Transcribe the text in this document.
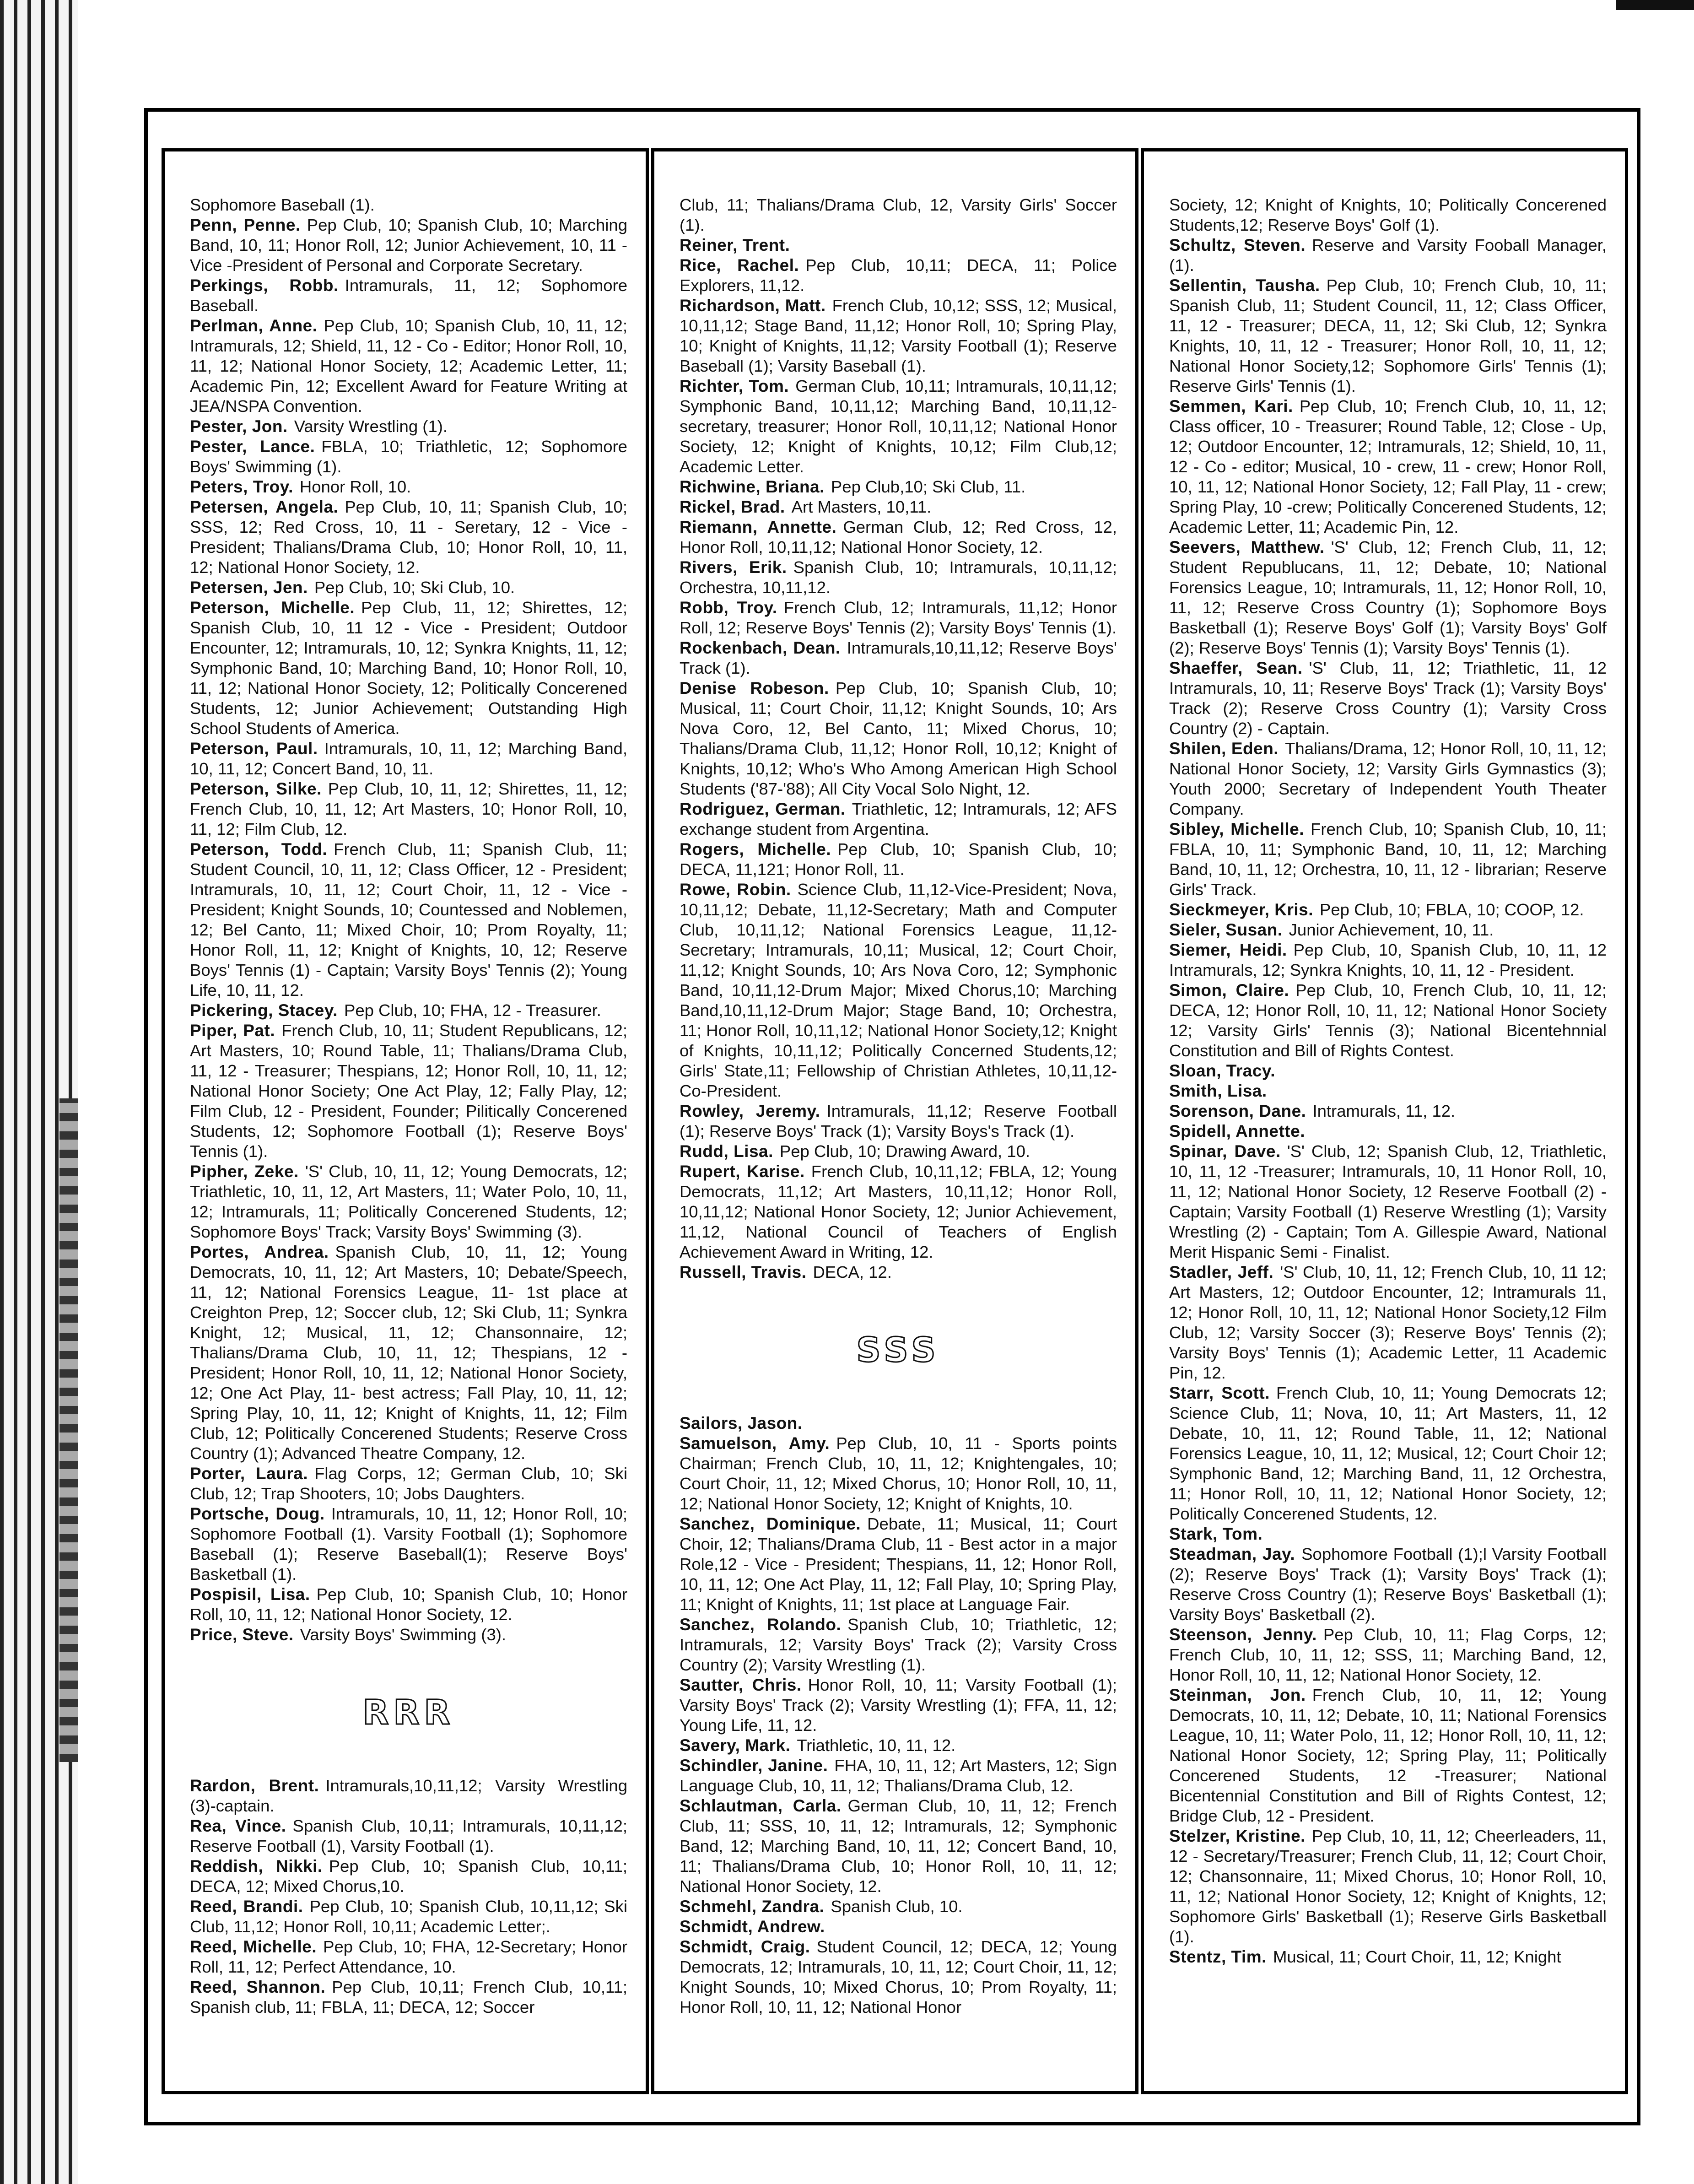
Sophomore Baseball (1).

Penn, Penne. Pep Club, 10; Spanish Club, 10; Marching Band, 10, 11; Honor Roll, 12; Junior Achievement, 10, 11 - Vice -President of Personal and Corporate Secretary.

Perkings, Robb. Intramurals, 11, 12; Sophomore Baseball.

Perlman, Anne. Pep Club, 10; Spanish Club, 10, 11, 12; Intramurals, 12; Shield, 11, 12 - Co - Editor; Honor Roll, 10, 11, 12; National Honor Society, 12; Academic Letter, 11; Academic Pin, 12; Excellent Award for Feature Writing at JEA/NSPA Convention.

Pester, Jon. Varsity Wrestling (1).

Pester, Lance. FBLA, 10; Triathletic, 12; Sophomore Boys' Swimming (1).

Peters, Troy. Honor Roll, 10.

Petersen, Angela. Pep Club, 10, 11; Spanish Club, 10; SSS, 12; Red Cross, 10, 11 - Seretary, 12 - Vice - President; Thalians/Drama Club, 10; Honor Roll, 10, 11, 12; National Honor Society, 12.

Petersen, Jen. Pep Club, 10; Ski Club, 10.

Peterson, Michelle. Pep Club, 11, 12; Shirettes, 12; Spanish Club, 10, 11 12 - Vice - President; Outdoor Encounter, 12; Intramurals, 10, 12; Synkra Knights, 11, 12; Symphonic Band, 10; Marching Band, 10; Honor Roll, 10, 11, 12; National Honor Society, 12; Politically Concerened Students, 12; Junior Achievement; Outstanding High School Students of America.

Peterson, Paul. Intramurals, 10, 11, 12; Marching Band, 10, 11, 12; Concert Band, 10, 11.

Peterson, Silke. Pep Club, 10, 11, 12; Shirettes, 11, 12; French Club, 10, 11, 12; Art Masters, 10; Honor Roll, 10, 11, 12; Film Club, 12.

Peterson, Todd. French Club, 11; Spanish Club, 11; Student Council, 10, 11, 12; Class Officer, 12 - President; Intramurals, 10, 11, 12; Court Choir, 11, 12 - Vice - President; Knight Sounds, 10; Countessed and Noblemen, 12; Bel Canto, 11; Mixed Choir, 10; Prom Royalty, 11; Honor Roll, 11, 12; Knight of Knights, 10, 12; Reserve Boys' Tennis (1) - Captain; Varsity Boys' Tennis (2); Young Life, 10, 11, 12.

Pickering, Stacey. Pep Club, 10; FHA, 12 - Treasurer.

Piper, Pat. French Club, 10, 11; Student Republicans, 12; Art Masters, 10; Round Table, 11; Thalians/Drama Club, 11, 12 - Treasurer; Thespians, 12; Honor Roll, 10, 11, 12; National Honor Society; One Act Play, 12; Fally Play, 12; Film Club, 12 - President, Founder; Pilitically Concerened Students, 12; Sophomore Football (1); Reserve Boys' Tennis (1).

Pipher, Zeke. 'S' Club, 10, 11, 12; Young Democrats, 12; Triathletic, 10, 11, 12, Art Masters, 11; Water Polo, 10, 11, 12; Intramurals, 11; Politically Concerened Students, 12; Sophomore Boys' Track; Varsity Boys' Swimming (3).

Portes, Andrea. Spanish Club, 10, 11, 12; Young Democrats, 10, 11, 12; Art Masters, 10; Debate/Speech, 11, 12; National Forensics League, 11- 1st place at Creighton Prep, 12; Soccer club, 12; Ski Club, 11; Synkra Knight, 12; Musical, 11, 12; Chansonnaire, 12; Thalians/Drama Club, 10, 11, 12; Thespians, 12 - President; Honor Roll, 10, 11, 12; National Honor Society, 12; One Act Play, 11- best actress; Fall Play, 10, 11, 12; Spring Play, 10, 11, 12; Knight of Knights, 11, 12; Film Club, 12; Politically Concerened Students; Reserve Cross Country (1); Advanced Theatre Company, 12.

Porter, Laura. Flag Corps, 12; German Club, 10; Ski Club, 12; Trap Shooters, 10; Jobs Daughters.

Portsche, Doug. Intramurals, 10, 11, 12; Honor Roll, 10; Sophomore Football (1). Varsity Football (1); Sophomore Baseball (1); Reserve Baseball(1); Reserve Boys' Basketball (1).

Pospisil, Lisa. Pep Club, 10; Spanish Club, 10; Honor Roll, 10, 11, 12; National Honor Society, 12.

Price, Steve. Varsity Boys' Swimming (3).

RRR

Rardon, Brent. Intramurals,10,11,12; Varsity Wrestling (3)-captain.

Rea, Vince. Spanish Club, 10,11; Intramurals, 10,11,12; Reserve Football (1), Varsity Football (1).

Reddish, Nikki. Pep Club, 10; Spanish Club, 10,11; DECA, 12; Mixed Chorus,10.

Reed, Brandi. Pep Club, 10; Spanish Club, 10,11,12; Ski Club, 11,12; Honor Roll, 10,11; Academic Letter;.

Reed, Michelle. Pep Club, 10; FHA, 12-Secretary; Honor Roll, 11, 12; Perfect Attendance, 10.

Reed, Shannon. Pep Club, 10,11; French Club, 10,11; Spanish club, 11; FBLA, 11; DECA, 12; Soccer

Club, 11; Thalians/Drama Club, 12, Varsity Girls' Soccer (1).

Reiner, Trent.

Rice, Rachel. Pep Club, 10,11; DECA, 11; Police Explorers, 11,12.

Richardson, Matt. French Club, 10,12; SSS, 12; Musical, 10,11,12; Stage Band, 11,12; Honor Roll, 10; Spring Play, 10; Knight of Knights, 11,12; Varsity Football (1); Reserve Baseball (1); Varsity Baseball (1).

Richter, Tom. German Club, 10,11; Intramurals, 10,11,12; Symphonic Band, 10,11,12; Marching Band, 10,11,12-secretary, treasurer; Honor Roll, 10,11,12; National Honor Society, 12; Knight of Knights, 10,12; Film Club,12; Academic Letter.

Richwine, Briana. Pep Club,10; Ski Club, 11.

Rickel, Brad. Art Masters, 10,11.

Riemann, Annette. German Club, 12; Red Cross, 12, Honor Roll, 10,11,12; National Honor Society, 12.

Rivers, Erik. Spanish Club, 10; Intramurals, 10,11,12; Orchestra, 10,11,12.

Robb, Troy. French Club, 12; Intramurals, 11,12; Honor Roll, 12; Reserve Boys' Tennis (2); Varsity Boys' Tennis (1).

Rockenbach, Dean. Intramurals,10,11,12; Reserve Boys' Track (1).

Denise Robeson. Pep Club, 10; Spanish Club, 10; Musical, 11; Court Choir, 11,12; Knight Sounds, 10; Ars Nova Coro, 12, Bel Canto, 11; Mixed Chorus, 10; Thalians/Drama Club, 11,12; Honor Roll, 10,12; Knight of Knights, 10,12; Who's Who Among American High School Students ('87-'88); All City Vocal Solo Night, 12.

Rodriguez, German. Triathletic, 12; Intramurals, 12; AFS exchange student from Argentina.

Rogers, Michelle. Pep Club, 10; Spanish Club, 10; DECA, 11,121; Honor Roll, 11.

Rowe, Robin. Science Club, 11,12-Vice-President; Nova, 10,11,12; Debate, 11,12-Secretary; Math and Computer Club, 10,11,12; National Forensics League, 11,12-Secretary; Intramurals, 10,11; Musical, 12; Court Choir, 11,12; Knight Sounds, 10; Ars Nova Coro, 12; Symphonic Band, 10,11,12-Drum Major; Mixed Chorus,10; Marching Band,10,11,12-Drum Major; Stage Band, 10; Orchestra, 11; Honor Roll, 10,11,12; National Honor Society,12; Knight of Knights, 10,11,12; Politically Concerned Students,12; Girls' State,11; Fellowship of Christian Athletes, 10,11,12-Co-President.

Rowley, Jeremy. Intramurals, 11,12; Reserve Football (1); Reserve Boys' Track (1); Varsity Boys's Track (1).

Rudd, Lisa. Pep Club, 10; Drawing Award, 10.

Rupert, Karise. French Club, 10,11,12; FBLA, 12; Young Democrats, 11,12; Art Masters, 10,11,12; Honor Roll, 10,11,12; National Honor Society, 12; Junior Achievement, 11,12, National Council of Teachers of English Achievement Award in Writing, 12.

Russell, Travis. DECA, 12.

SSS

Sailors, Jason.

Samuelson, Amy. Pep Club, 10, 11 - Sports points Chairman; French Club, 10, 11, 12; Knightengales, 10; Court Choir, 11, 12; Mixed Chorus, 10; Honor Roll, 10, 11, 12; National Honor Society, 12; Knight of Knights, 10.

Sanchez, Dominique. Debate, 11; Musical, 11; Court Choir, 12; Thalians/Drama Club, 11 - Best actor in a major Role,12 - Vice - President; Thespians, 11, 12; Honor Roll, 10, 11, 12; One Act Play, 11, 12; Fall Play, 10; Spring Play, 11; Knight of Knights, 11; 1st place at Language Fair.

Sanchez, Rolando. Spanish Club, 10; Triathletic, 12; Intramurals, 12; Varsity Boys' Track (2); Varsity Cross Country (2); Varsity Wrestling (1).

Sautter, Chris. Honor Roll, 10, 11; Varsity Football (1); Varsity Boys' Track (2); Varsity Wrestling (1); FFA, 11, 12; Young Life, 11, 12.

Savery, Mark. Triathletic, 10, 11, 12.

Schindler, Janine. FHA, 10, 11, 12; Art Masters, 12; Sign Language Club, 10, 11, 12; Thalians/Drama Club, 12.

Schlautman, Carla. German Club, 10, 11, 12; French Club, 11; SSS, 10, 11, 12; Intramurals, 12; Symphonic Band, 12; Marching Band, 10, 11, 12; Concert Band, 10, 11; Thalians/Drama Club, 10; Honor Roll, 10, 11, 12; National Honor Society, 12.

Schmehl, Zandra. Spanish Club, 10.

Schmidt, Andrew.

Schmidt, Craig. Student Council, 12; DECA, 12; Young Democrats, 12; Intramurals, 10, 11, 12; Court Choir, 11, 12; Knight Sounds, 10; Mixed Chorus, 10; Prom Royalty, 11; Honor Roll, 10, 11, 12; National Honor

Society, 12; Knight of Knights, 10; Politically Concerened Students,12; Reserve Boys' Golf (1).

Schultz, Steven. Reserve and Varsity Fooball Manager, (1).

Sellentin, Tausha. Pep Club, 10; French Club, 10, 11; Spanish Club, 11; Student Council, 11, 12; Class Officer, 11, 12 - Treasurer; DECA, 11, 12; Ski Club, 12; Synkra Knights, 10, 11, 12 - Treasurer; Honor Roll, 10, 11, 12; National Honor Society,12; Sophomore Girls' Tennis (1); Reserve Girls' Tennis (1).

Semmen, Kari. Pep Club, 10; French Club, 10, 11, 12; Class officer, 10 - Treasurer; Round Table, 12; Close - Up, 12; Outdoor Encounter, 12; Intramurals, 12; Shield, 10, 11, 12 - Co - editor; Musical, 10 - crew, 11 - crew; Honor Roll, 10, 11, 12; National Honor Society, 12; Fall Play, 11 - crew; Spring Play, 10 -crew; Politically Concerened Students, 12; Academic Letter, 11; Academic Pin, 12.

Seevers, Matthew. 'S' Club, 12; French Club, 11, 12; Student Republucans, 11, 12; Debate, 10; National Forensics League, 10; Intramurals, 11, 12; Honor Roll, 10, 11, 12; Reserve Cross Country (1); Sophomore Boys Basketball (1); Reserve Boys' Golf (1); Varsity Boys' Golf (2); Reserve Boys' Tennis (1); Varsity Boys' Tennis (1).

Shaeffer, Sean. 'S' Club, 11, 12; Triathletic, 11, 12 Intramurals, 10, 11; Reserve Boys' Track (1); Varsity Boys' Track (2); Reserve Cross Country (1); Varsity Cross Country (2) - Captain.

Shilen, Eden. Thalians/Drama, 12; Honor Roll, 10, 11, 12; National Honor Society, 12; Varsity Girls Gymnastics (3); Youth 2000; Secretary of Independent Youth Theater Company.

Sibley, Michelle. French Club, 10; Spanish Club, 10, 11; FBLA, 10, 11; Symphonic Band, 10, 11, 12; Marching Band, 10, 11, 12; Orchestra, 10, 11, 12 - librarian; Reserve Girls' Track.

Sieckmeyer, Kris. Pep Club, 10; FBLA, 10; COOP, 12.

Sieler, Susan. Junior Achievement, 10, 11.

Siemer, Heidi. Pep Club, 10, Spanish Club, 10, 11, 12 Intramurals, 12; Synkra Knights, 10, 11, 12 - President.

Simon, Claire. Pep Club, 10, French Club, 10, 11, 12; DECA, 12; Honor Roll, 10, 11, 12; National Honor Society 12; Varsity Girls' Tennis (3); National Bicentehnnial Constitution and Bill of Rights Contest.

Sloan, Tracy.

Smith, Lisa.

Sorenson, Dane. Intramurals, 11, 12.

Spidell, Annette.

Spinar, Dave. 'S' Club, 12; Spanish Club, 12, Triathletic, 10, 11, 12 -Treasurer; Intramurals, 10, 11 Honor Roll, 10, 11, 12; National Honor Society, 12 Reserve Football (2) - Captain; Varsity Football (1) Reserve Wrestling (1); Varsity Wrestling (2) - Captain; Tom A. Gillespie Award, National Merit Hispanic Semi - Finalist.

Stadler, Jeff. 'S' Club, 10, 11, 12; French Club, 10, 11 12; Art Masters, 12; Outdoor Encounter, 12; Intramurals 11, 12; Honor Roll, 10, 11, 12; National Honor Society,12 Film Club, 12; Varsity Soccer (3); Reserve Boys' Tennis (2); Varsity Boys' Tennis (1); Academic Letter, 11 Academic Pin, 12.

Starr, Scott. French Club, 10, 11; Young Democrats 12; Science Club, 11; Nova, 10, 11; Art Masters, 11, 12 Debate, 10, 11, 12; Round Table, 11, 12; National Forensics League, 10, 11, 12; Musical, 12; Court Choir 12; Symphonic Band, 12; Marching Band, 11, 12 Orchestra, 11; Honor Roll, 10, 11, 12; National Honor Society, 12; Politically Concerened Students, 12.

Stark, Tom.

Steadman, Jay. Sophomore Football (1);l Varsity Football (2); Reserve Boys' Track (1); Varsity Boys' Track (1); Reserve Cross Country (1); Reserve Boys' Basketball (1); Varsity Boys' Basketball (2).

Steenson, Jenny. Pep Club, 10, 11; Flag Corps, 12; French Club, 10, 11, 12; SSS, 11; Marching Band, 12, Honor Roll, 10, 11, 12; National Honor Society, 12.

Steinman, Jon. French Club, 10, 11, 12; Young Democrats, 10, 11, 12; Debate, 10, 11; National Forensics League, 10, 11; Water Polo, 11, 12; Honor Roll, 10, 11, 12; National Honor Society, 12; Spring Play, 11; Politically Concerened Students, 12 -Treasurer; National Bicentennial Constitution and Bill of Rights Contest, 12; Bridge Club, 12 - President.

Stelzer, Kristine. Pep Club, 10, 11, 12; Cheerleaders, 11, 12 - Secretary/Treasurer; French Club, 11, 12; Court Choir, 12; Chansonnaire, 11; Mixed Chorus, 10; Honor Roll, 10, 11, 12; National Honor Society, 12; Knight of Knights, 12; Sophomore Girls' Basketball (1); Reserve Girls Basketball (1).

Stentz, Tim. Musical, 11; Court Choir, 11, 12; Knight
